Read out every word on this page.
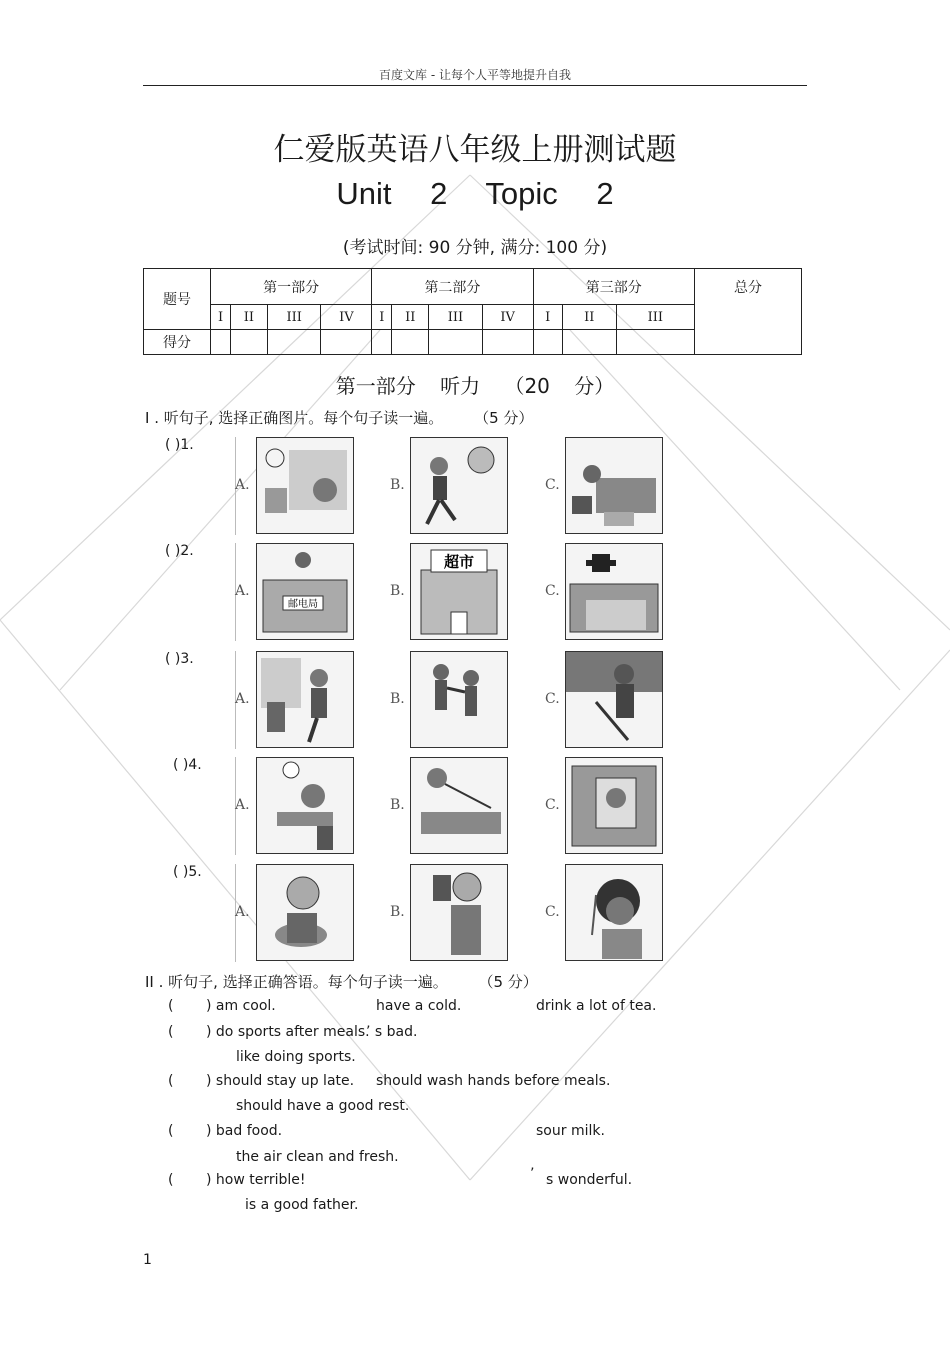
百度文库 - 让每个人平等地提升自我
仁爱版英语八年级上册测试题
Unit 2 Topic 2
(考试时间: 90 分钟, 满分: 100 分)
题号	第一部分				第二部分				第三部分			总分
	I	II	III	IV	I	II	III	IV	I	II	III	
得分												
第一部分 听力 （20 分）
I . 听句子, 选择正确图片。每个句子读一遍。 （5 分）
( )1.
A.	B.	C.
( )2.
A.
邮电局
B.
超市
C.
( )3.
A.	B.	C.
( )4.
A.	B.	C.
( )5.
A.	B.	C.
II . 听句子, 选择正确答语。每个句子读一遍。 （5 分）
( ) am cool.	have a cold.	drink a lot of tea.
( ) do sports after meals.
’ s bad.
like doing sports.
( ) should stay up late. should wash hands before meals.
should have a good rest.
( ) bad food.	sour milk.
the air clean and fresh.
( ) how terrible!	’ s wonderful.
is a good father.
1
